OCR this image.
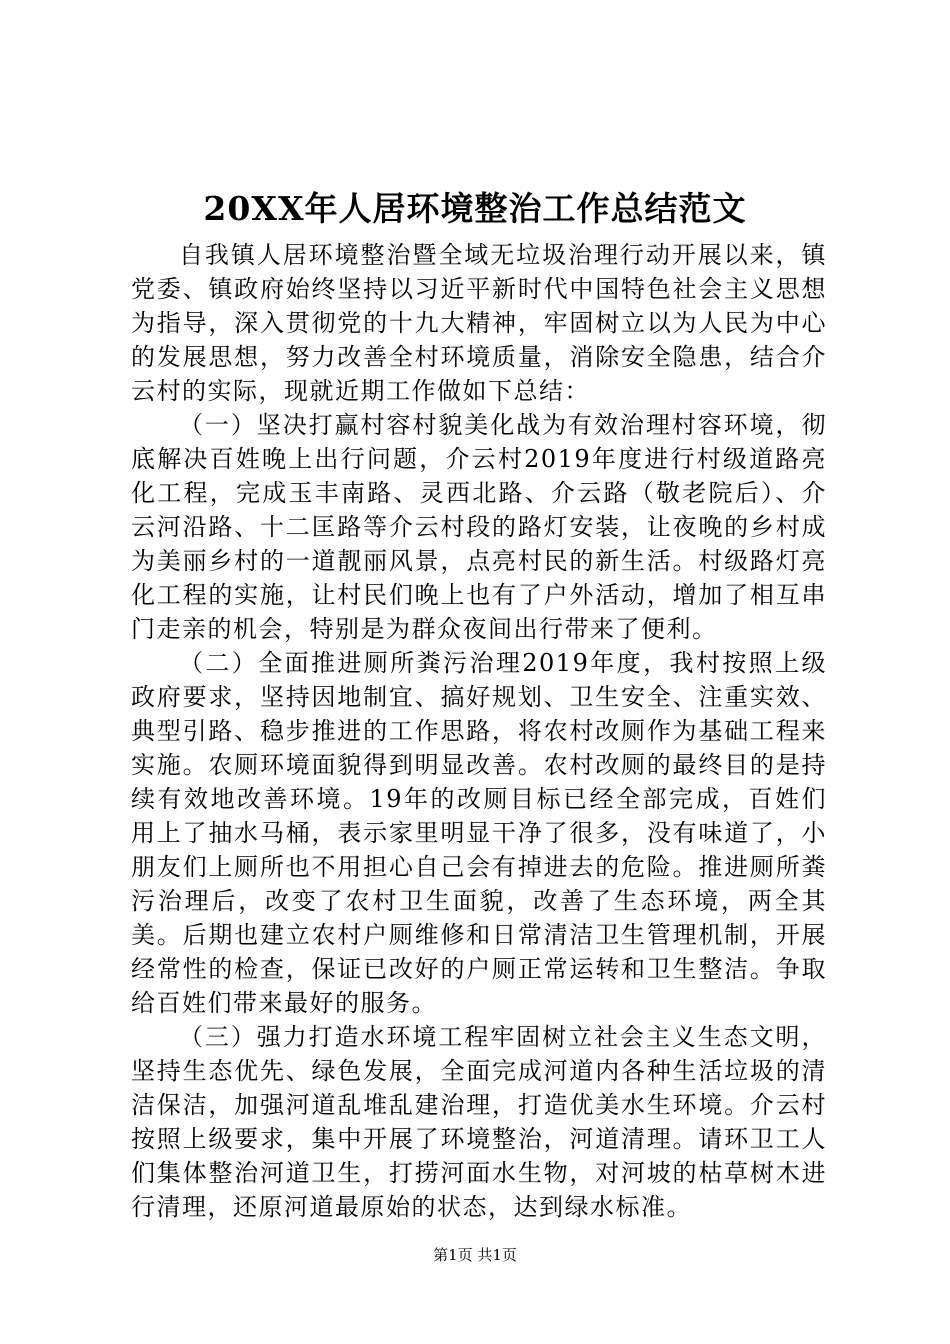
20XX年人居环境整治工作总结范文

自我镇人居环境整治暨全域无垃圾治理行动开展以来，镇党委、镇政府始终坚持以习近平新时代中国特色社会主义思想为指导，深入贯彻党的十九大精神，牢固树立以为人民为中心的发展思想，努力改善全村环境质量，消除安全隐患，结合介云村的实际，现就近期工作做如下总结：

（一）坚决打赢村容村貌美化战为有效治理村容环境，彻底解决百姓晚上出行问题，介云村2019年度进行村级道路亮化工程，完成玉丰南路、灵西北路、介云路（敬老院后）、介云河沿路、十二匡路等介云村段的路灯安装，让夜晚的乡村成为美丽乡村的一道靓丽风景，点亮村民的新生活。村级路灯亮化工程的实施，让村民们晚上也有了户外活动，增加了相互串门走亲的机会，特别是为群众夜间出行带来了便利。

（二）全面推进厕所粪污治理2019年度，我村按照上级政府要求，坚持因地制宜、搞好规划、卫生安全、注重实效、典型引路、稳步推进的工作思路，将农村改厕作为基础工程来实施。农厕环境面貌得到明显改善。农村改厕的最终目的是持续有效地改善环境。19年的改厕目标已经全部完成，百姓们用上了抽水马桶，表示家里明显干净了很多，没有味道了，小朋友们上厕所也不用担心自己会有掉进去的危险。推进厕所粪污治理后，改变了农村卫生面貌，改善了生态环境，两全其美。后期也建立农村户厕维修和日常清洁卫生管理机制，开展经常性的检查，保证已改好的户厕正常运转和卫生整洁。争取给百姓们带来最好的服务。

（三）强力打造水环境工程牢固树立社会主义生态文明，坚持生态优先、绿色发展，全面完成河道内各种生活垃圾的清洁保洁，加强河道乱堆乱建治理，打造优美水生环境。介云村按照上级要求，集中开展了环境整治，河道清理。请环卫工人们集体整治河道卫生，打捞河面水生物，对河坡的枯草树木进行清理，还原河道最原始的状态，达到绿水标准。

第1页 共1页
